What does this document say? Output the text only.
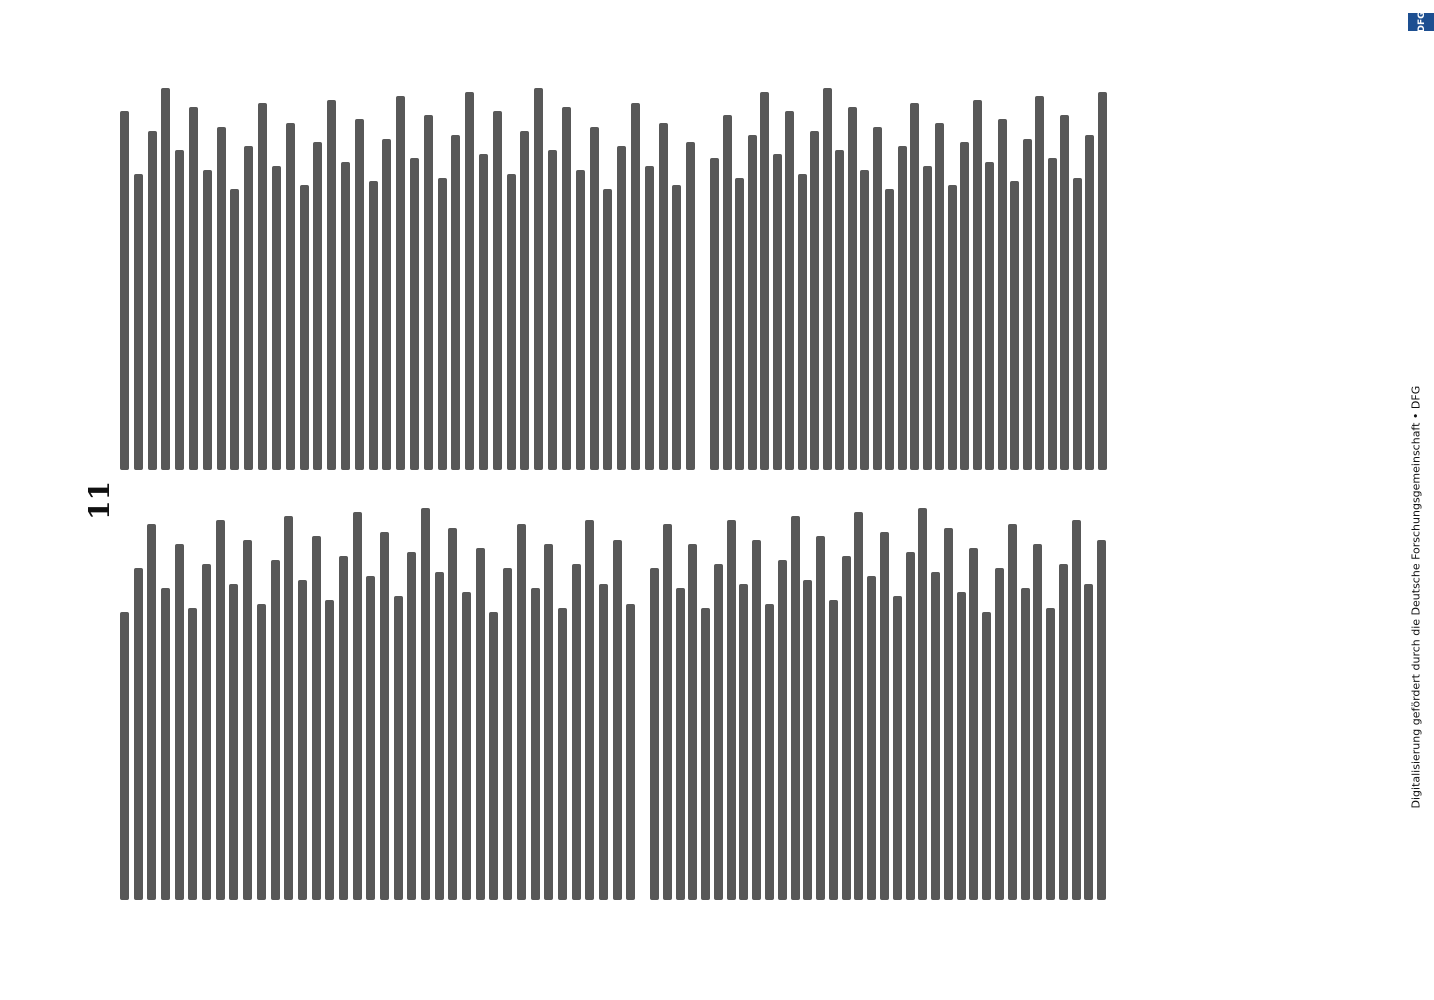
11
DFG
Digitalisierung gefördert durch die Deutsche Forschungsgemeinschaft • DFG
